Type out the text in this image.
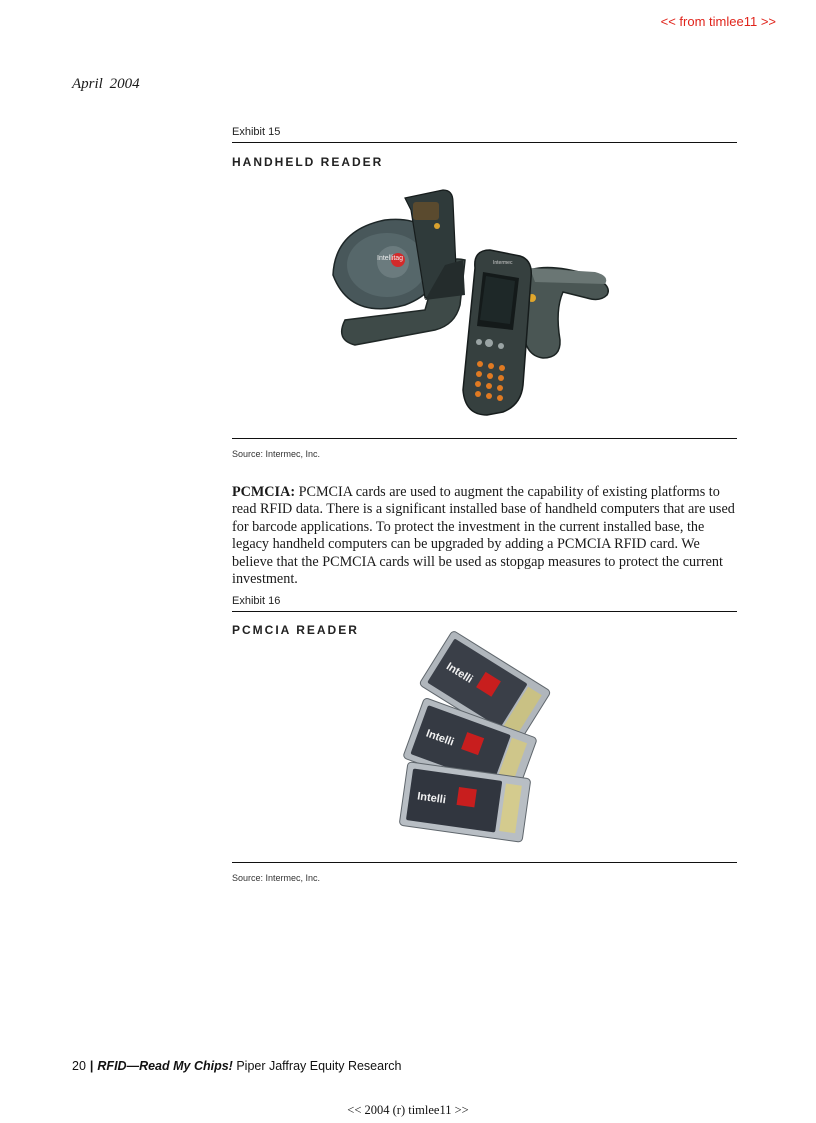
<< from timlee11 >>
April 2004
Exhibit 15
HANDHELD READER
Intellitag
Intermec
Source: Intermec, Inc.
PCMCIA: PCMCIA cards are used to augment the capability of existing platforms to read RFID data. There is a significant installed base of handheld computers that are used for barcode applications. To protect the investment in the current installed base, the legacy handheld computers can be upgraded by adding a PCMCIA RFID card. We believe that the PCMCIA cards will be used as stopgap measures to protect the current investment.
Exhibit 16
PCMCIA READER
Intelli
Intelli
Intelli
Source: Intermec, Inc.
20 | RFID—Read My Chips! Piper Jaffray Equity Research
<< 2004 (r) timlee11 >>
